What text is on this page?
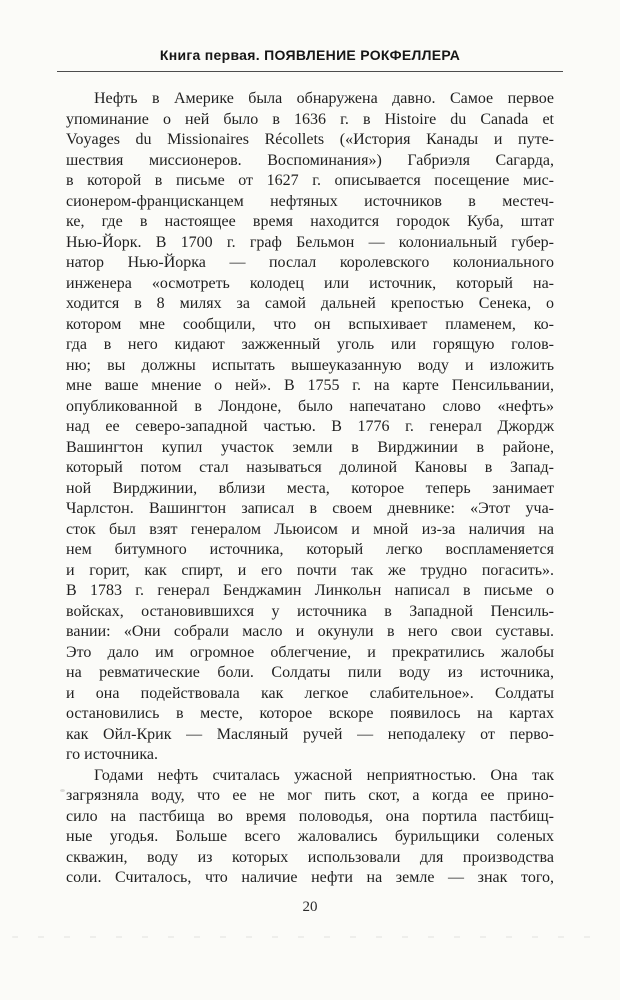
Книга первая. ПОЯВЛЕНИЕ РОКФЕЛЛЕРА
Нефть в Америке была обнаружена давно. Самое первое
упоминание о ней было в 1636 г. в Histoire du Canada et
Voyages du Missionaires Récollets («История Канады и путе-
шествия миссионеров. Воспоминания») Габриэля Сагарда,
в которой в письме от 1627 г. описывается посещение мис-
сионером-францисканцем нефтяных источников в местеч-
ке, где в настоящее время находится городок Куба, штат
Нью-Йорк. В 1700 г. граф Бельмон — колониальный губер-
натор Нью-Йорка — послал королевского колониального
инженера «осмотреть колодец или источник, который на-
ходится в 8 милях за самой дальней крепостью Сенека, о
котором мне сообщили, что он вспыхивает пламенем, ко-
гда в него кидают зажженный уголь или горящую голов-
ню; вы должны испытать вышеуказанную воду и изложить
мне ваше мнение о ней». В 1755 г. на карте Пенсильвании,
опубликованной в Лондоне, было напечатано слово «нефть»
над ее северо-западной частью. В 1776 г. генерал Джордж
Вашингтон купил участок земли в Вирджинии в районе,
который потом стал называться долиной Кановы в Запад-
ной Вирджинии, вблизи места, которое теперь занимает
Чарлстон. Вашингтон записал в своем дневнике: «Этот уча-
сток был взят генералом Льюисом и мной из-за наличия на
нем битумного источника, который легко воспламеняется
и горит, как спирт, и его почти так же трудно погасить».
В 1783 г. генерал Бенджамин Линкольн написал в письме о
войсках, остановившихся у источника в Западной Пенсиль-
вании: «Они собрали масло и окунули в него свои суставы.
Это дало им огромное облегчение, и прекратились жалобы
на ревматические боли. Солдаты пили воду из источника,
и она подействовала как легкое слабительное». Солдаты
остановились в месте, которое вскоре появилось на картах
как Ойл-Крик — Масляный ручей — неподалеку от перво-
го источника.
Годами нефть считалась ужасной неприятностью. Она так
загрязняла воду, что ее не мог пить скот, а когда ее прино-
сило на пастбища во время половодья, она портила пастбищ-
ные угодья. Больше всего жаловались бурильщики соленых
скважин, воду из которых использовали для производства
соли. Считалось, что наличие нефти на земле — знак того,
20
